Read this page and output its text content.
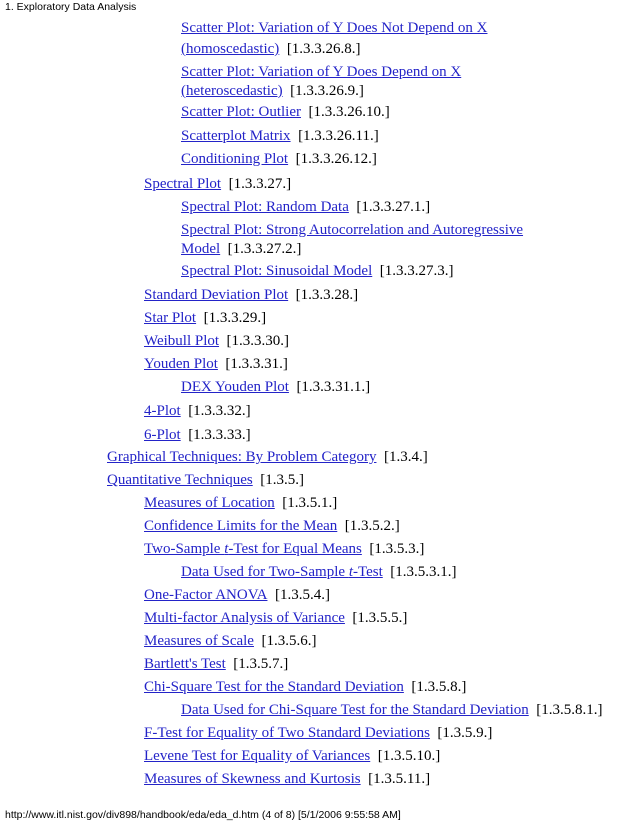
1. Exploratory Data Analysis
Scatter Plot: Variation of Y Does Not Depend on X
(homoscedastic)  [1.3.3.26.8.]
Scatter Plot: Variation of Y Does Depend on X
(heteroscedastic)  [1.3.3.26.9.]
Scatter Plot: Outlier  [1.3.3.26.10.]
Scatterplot Matrix  [1.3.3.26.11.]
Conditioning Plot  [1.3.3.26.12.]
Spectral Plot  [1.3.3.27.]
Spectral Plot: Random Data  [1.3.3.27.1.]
Spectral Plot: Strong Autocorrelation and Autoregressive
Model  [1.3.3.27.2.]
Spectral Plot: Sinusoidal Model  [1.3.3.27.3.]
Standard Deviation Plot  [1.3.3.28.]
Star Plot  [1.3.3.29.]
Weibull Plot  [1.3.3.30.]
Youden Plot  [1.3.3.31.]
DEX Youden Plot  [1.3.3.31.1.]
4-Plot  [1.3.3.32.]
6-Plot  [1.3.3.33.]
Graphical Techniques: By Problem Category  [1.3.4.]
Quantitative Techniques  [1.3.5.]
Measures of Location  [1.3.5.1.]
Confidence Limits for the Mean  [1.3.5.2.]
Two-Sample t-Test for Equal Means  [1.3.5.3.]
Data Used for Two-Sample t-Test  [1.3.5.3.1.]
One-Factor ANOVA  [1.3.5.4.]
Multi-factor Analysis of Variance  [1.3.5.5.]
Measures of Scale  [1.3.5.6.]
Bartlett's Test  [1.3.5.7.]
Chi-Square Test for the Standard Deviation  [1.3.5.8.]
Data Used for Chi-Square Test for the Standard Deviation  [1.3.5.8.1.]
F-Test for Equality of Two Standard Deviations  [1.3.5.9.]
Levene Test for Equality of Variances  [1.3.5.10.]
Measures of Skewness and Kurtosis  [1.3.5.11.]
http://www.itl.nist.gov/div898/handbook/eda/eda_d.htm (4 of 8) [5/1/2006 9:55:58 AM]
